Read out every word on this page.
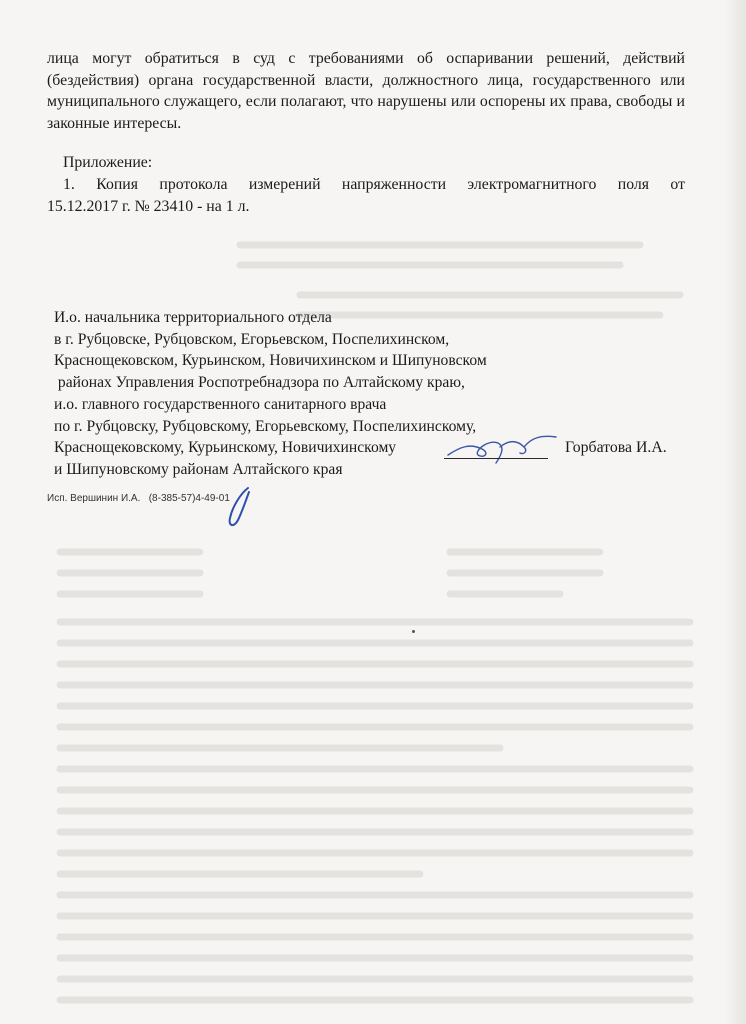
лица могут обратиться в суд с требованиями об оспаривании решений, действий (бездействия) органа государственной власти, должностного лица, государственного или муниципального служащего, если полагают, что нарушены или оспорены их права, свободы и законные интересы.
Приложение:
1. Копия протокола измерений напряженности электромагнитного поля от
15.12.2017 г. № 23410 - на 1 л.
И.о. начальника территориального отдела
в г. Рубцовске, Рубцовском, Егорьевском, Поспелихинском,
Краснощековском, Курьинском, Новичихинском и Шипуновском
районах Управления Роспотребнадзора по Алтайскому краю,
и.о. главного государственного санитарного врача
по г. Рубцовску, Рубцовскому, Егорьевскому, Поспелихинскому,
Краснощековскому, Курьинскому, Новичихинскому
и Шипуновскому районам Алтайского края
Горбатова И.А.
Исп. Вершинин И.А.   (8-385-57)4-49-01
